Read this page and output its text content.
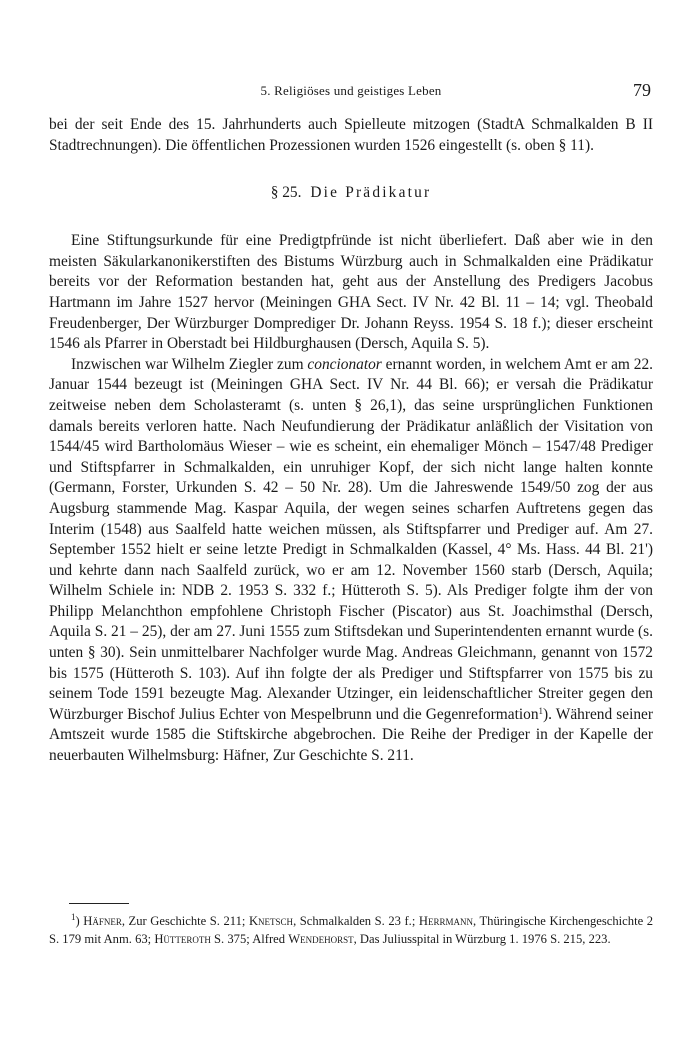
5. Religiöses und geistiges Leben	79

bei der seit Ende des 15. Jahrhunderts auch Spielleute mitzogen (StadtA Schmalkalden B II Stadtrechnungen). Die öffentlichen Prozessionen wurden 1526 eingestellt (s. oben § 11).

§ 25. Die Prädikatur

Eine Stiftungsurkunde für eine Predigtpfründe ist nicht überliefert. Daß aber wie in den meisten Säkularkanonikerstiften des Bistums Würzburg auch in Schmalkalden eine Prädikatur bereits vor der Reformation bestanden hat, geht aus der Anstellung des Predigers Jacobus Hartmann im Jahre 1527 hervor (Meiningen GHA Sect. IV Nr. 42 Bl. 11 – 14; vgl. Theobald Freudenberger, Der Würzburger Domprediger Dr. Johann Reyss. 1954 S. 18 f.); dieser erscheint 1546 als Pfarrer in Oberstadt bei Hildburghausen (Dersch, Aquila S. 5).

Inzwischen war Wilhelm Ziegler zum concionator ernannt worden, in welchem Amt er am 22. Januar 1544 bezeugt ist (Meiningen GHA Sect. IV Nr. 44 Bl. 66); er versah die Prädikatur zeitweise neben dem Scholasteramt (s. unten § 26,1), das seine ursprünglichen Funktionen damals bereits verloren hatte. Nach Neufundierung der Prädikatur anläßlich der Visitation von 1544/45 wird Bartholomäus Wieser – wie es scheint, ein ehemaliger Mönch – 1547/48 Prediger und Stiftspfarrer in Schmalkalden, ein unruhiger Kopf, der sich nicht lange halten konnte (Germann, Forster, Urkunden S. 42 – 50 Nr. 28). Um die Jahreswende 1549/50 zog der aus Augsburg stammende Mag. Kaspar Aquila, der wegen seines scharfen Auftretens gegen das Interim (1548) aus Saalfeld hatte weichen müssen, als Stiftspfarrer und Prediger auf. Am 27. September 1552 hielt er seine letzte Predigt in Schmalkalden (Kassel, 4° Ms. Hass. 44 Bl. 21') und kehrte dann nach Saalfeld zurück, wo er am 12. November 1560 starb (Dersch, Aquila; Wilhelm Schiele in: NDB 2. 1953 S. 332 f.; Hütteroth S. 5). Als Prediger folgte ihm der von Philipp Melanchthon empfohlene Christoph Fischer (Piscator) aus St. Joachimsthal (Dersch, Aquila S. 21 – 25), der am 27. Juni 1555 zum Stiftsdekan und Superintendenten ernannt wurde (s. unten § 30). Sein unmittelbarer Nachfolger wurde Mag. Andreas Gleichmann, genannt von 1572 bis 1575 (Hütteroth S. 103). Auf ihn folgte der als Prediger und Stiftspfarrer von 1575 bis zu seinem Tode 1591 bezeugte Mag. Alexander Utzinger, ein leidenschaftlicher Streiter gegen den Würzburger Bischof Julius Echter von Mespelbrunn und die Gegenreformation$^1$). Während seiner Amtszeit wurde 1585 die Stiftskirche abgebrochen. Die Reihe der Prediger in der Kapelle der neuerbauten Wilhelmsburg: Häfner, Zur Geschichte S. 211.

$^1$) Häfner, Zur Geschichte S. 211; Knetsch, Schmalkalden S. 23 f.; Herrmann, Thüringische Kirchengeschichte 2 S. 179 mit Anm. 63; Hütteroth S. 375; Alfred Wendehorst, Das Juliusspital in Würzburg 1. 1976 S. 215, 223.
